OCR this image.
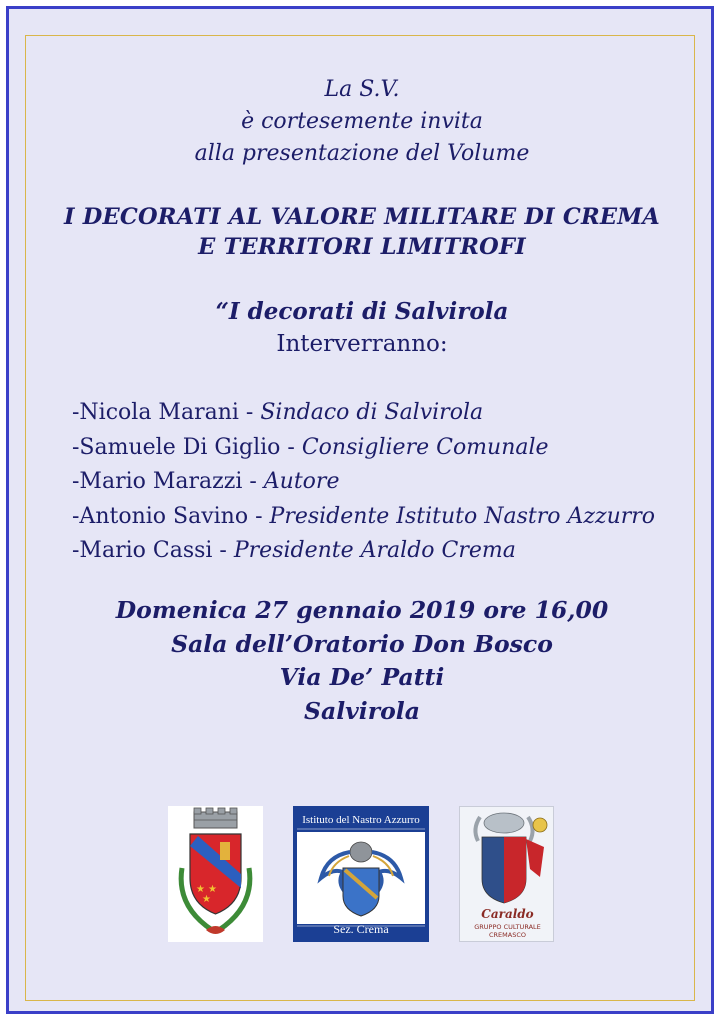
La S.V.
è cortesemente invita
alla presentazione del Volume
I DECORATI AL VALORE MILITARE DI CREMA
E TERRITORI LIMITROFI
“I decorati di Salvirola
Interverranno:
-Nicola Marani - Sindaco di Salvirola
-Samuele Di Giglio - Consigliere Comunale
-Mario Marazzi - Autore
-Antonio Savino - Presidente Istituto Nastro Azzurro
-Mario Cassi - Presidente Araldo Crema
Domenica 27 gennaio 2019 ore 16,00
Sala dell’Oratorio Don Bosco
Via De’ Patti
Salvirola
★ ★
★
Istituto del Nastro Azzurro
Sez. Crema
Caraldo
GRUPPO CULTURALE
CREMASCO
